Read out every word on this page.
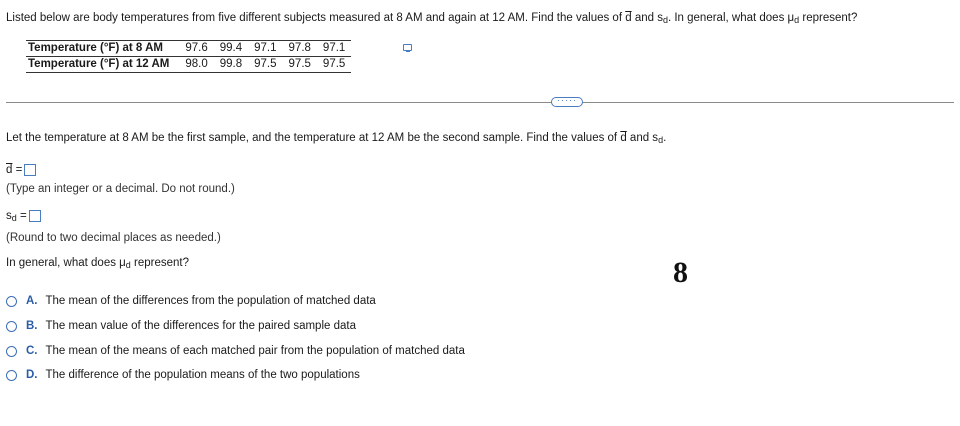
Listed below are body temperatures from five different subjects measured at 8 AM and again at 12 AM. Find the values of $\overline{d}$ and $s_d$. In general, what does $\mu_d$ represent?
Temperature (°F) at 8 AM	97.6	99.4	97.1	97.8	97.1
Temperature (°F) at 12 AM	98.0	99.8	97.5	97.5	97.5
·····
Let the temperature at 8 AM be the first sample, and the temperature at 12 AM be the second sample. Find the values of $\overline{d}$ and $s_d$.
$\overline{d}$ =
(Type an integer or a decimal. Do not round.)
$s_d$ =
(Round to two decimal places as needed.)
In general, what does $\mu_d$ represent?	8
A. The mean of the differences from the population of matched data
B. The mean value of the differences for the paired sample data
C. The mean of the means of each matched pair from the population of matched data
D. The difference of the population means of the two populations
